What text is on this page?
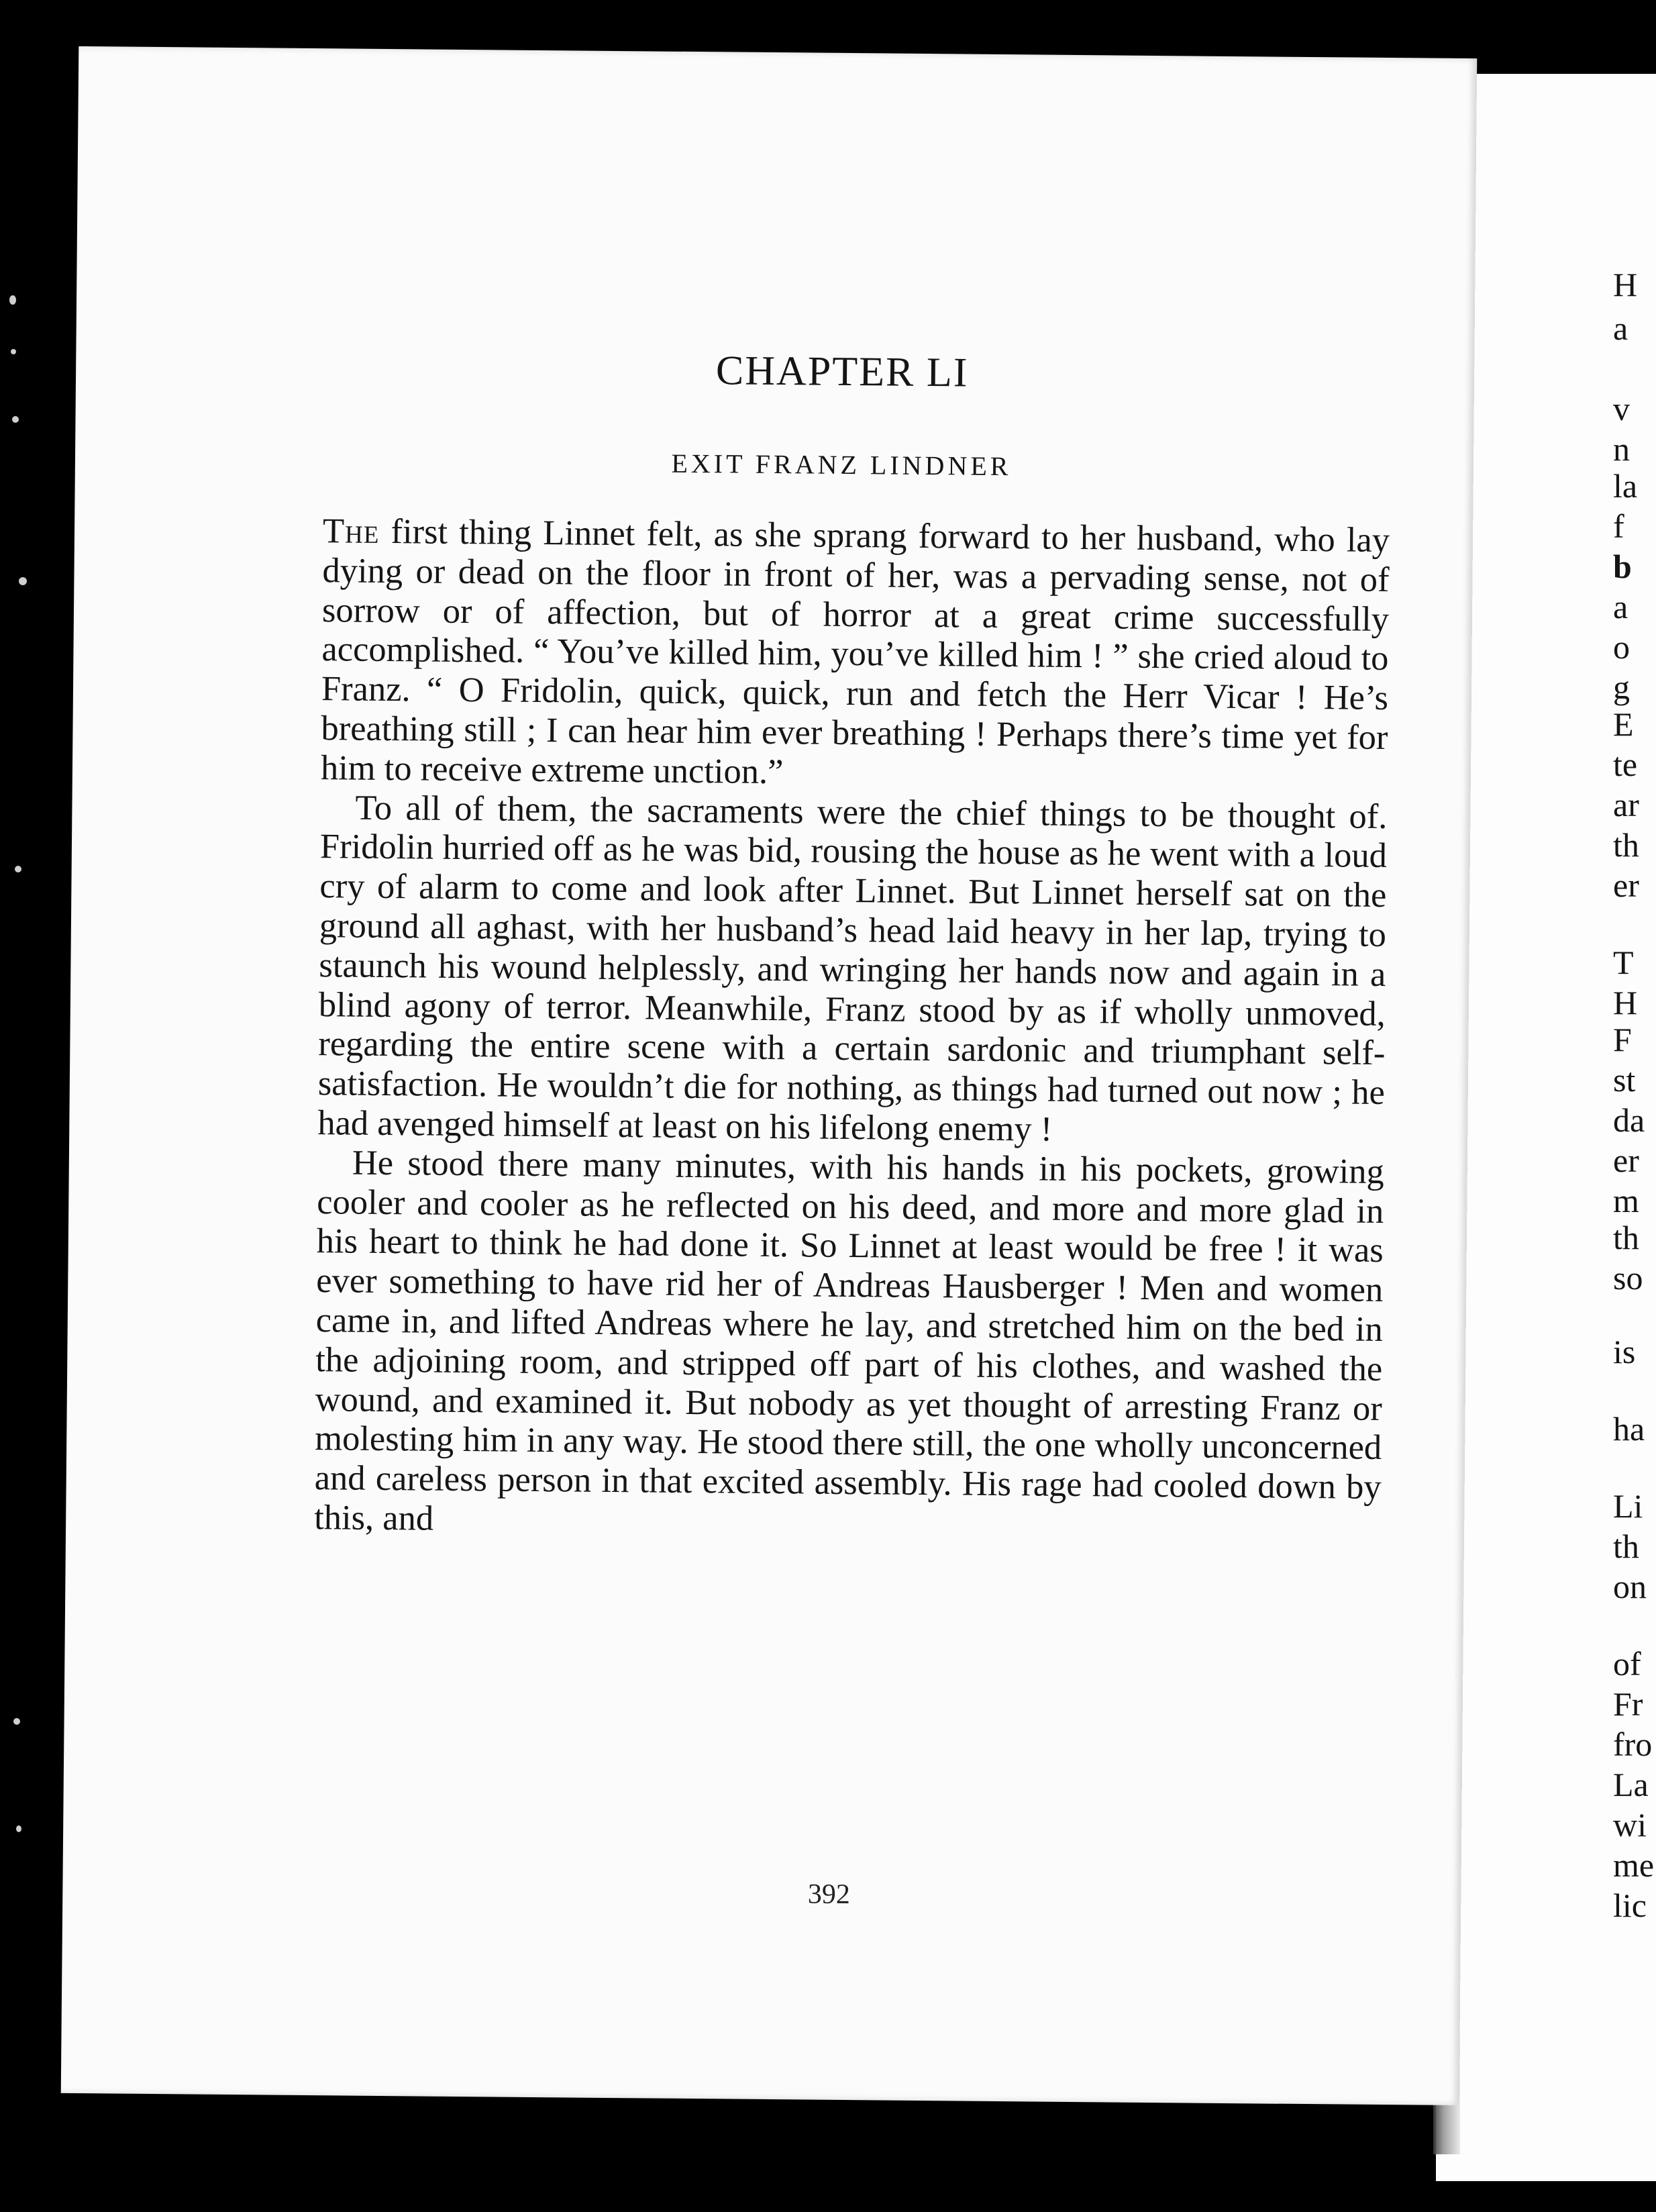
CHAPTER LI
EXIT FRANZ LINDNER

The first thing Linnet felt, as she sprang forward to her husband, who lay dying or dead on the floor in front of her, was a pervading sense, not of sorrow or of affection, but of horror at a great crime successfully accomplished. “ You’ve killed him, you’ve killed him ! ” she cried aloud to Franz. “ O Fridolin, quick, quick, run and fetch the Herr Vicar ! He’s breathing still ; I can hear him ever breathing ! Perhaps there’s time yet for him to receive extreme unction.”

To all of them, the sacraments were the chief things to be thought of. Fridolin hurried off as he was bid, rousing the house as he went with a loud cry of alarm to come and look after Linnet. But Linnet herself sat on the ground all aghast, with her husband’s head laid heavy in her lap, trying to staunch his wound helplessly, and wringing her hands now and again in a blind agony of terror. Meanwhile, Franz stood by as if wholly unmoved, regarding the entire scene with a certain sardonic and triumphant self-satisfaction. He wouldn’t die for nothing, as things had turned out now ; he had avenged himself at least on his lifelong enemy !

He stood there many minutes, with his hands in his pockets, growing cooler and cooler as he reflected on his deed, and more and more glad in his heart to think he had done it. So Linnet at least would be free ! it was ever something to have rid her of Andreas Hausberger ! Men and women came in, and lifted Andreas where he lay, and stretched him on the bed in the adjoining room, and stripped off part of his clothes, and washed the wound, and examined it. But nobody as yet thought of arresting Franz or molesting him in any way. He stood there still, the one wholly unconcerned and careless person in that excited assembly. His rage had cooled down by this, and

392
H
a
v
n
la
f
b
a
o
g
E
te
ar
th
er
T
H
F
st
da
er
m
th
so
is
ha
Li
th
on
of
Fr
fro
La
wi
me
lic
